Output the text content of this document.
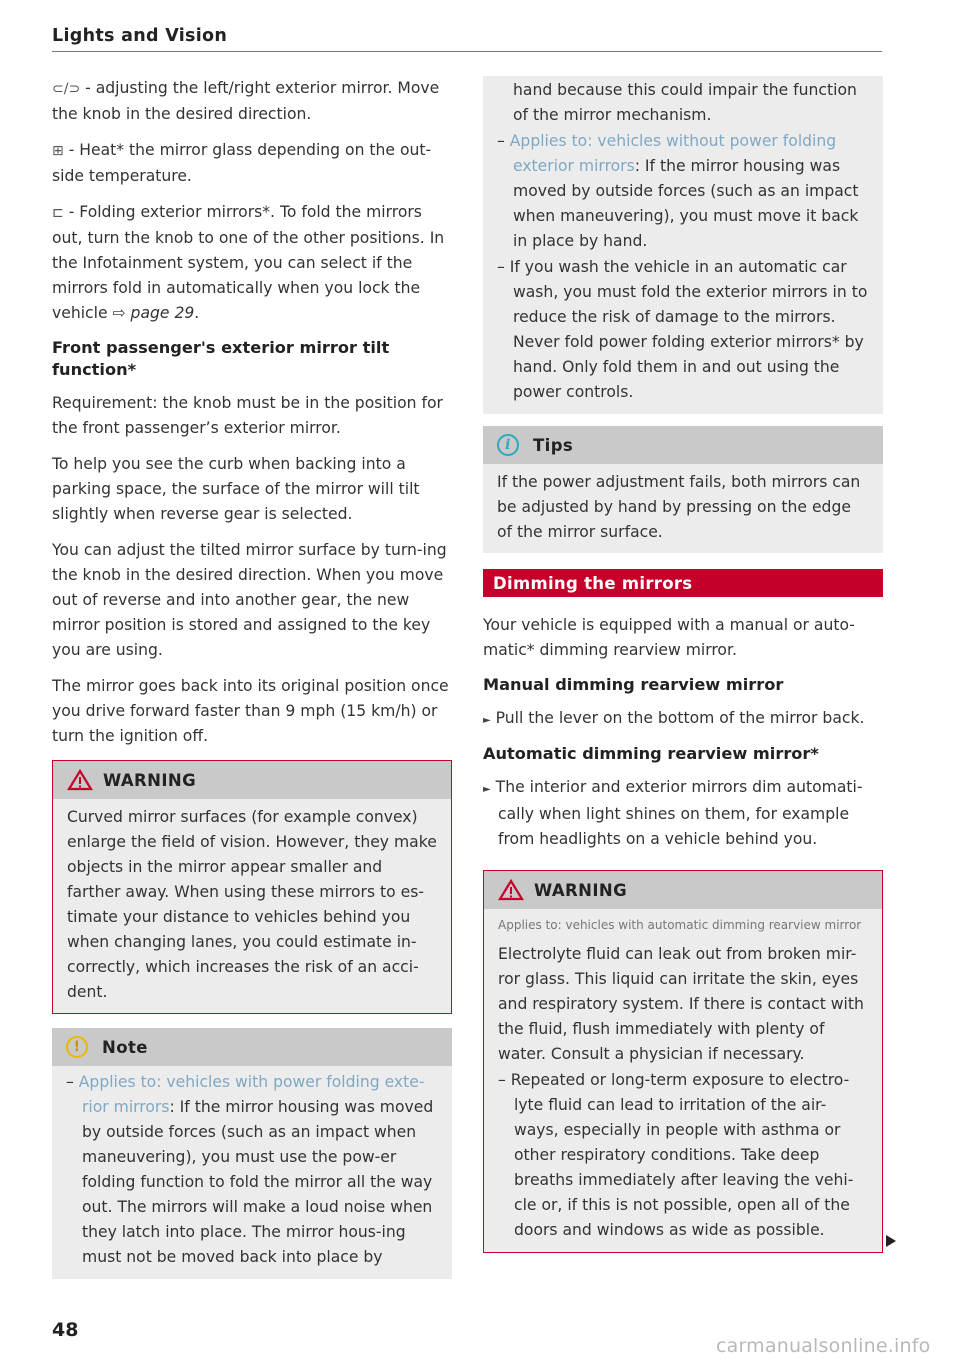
Lights and Vision
⊂/⊃ - adjusting the left/right exterior mirror. Move the knob in the desired direction.
⊞ - Heat* the mirror glass depending on the out-side temperature.
⊏ - Folding exterior mirrors*. To fold the mirrors out, turn the knob to one of the other positions. In the Infotainment system, you can select if the mirrors fold in automatically when you lock the vehicle ⇨ page 29.
Front passenger's exterior mirror tilt function*
Requirement: the knob must be in the position for the front passenger’s exterior mirror.
To help you see the curb when backing into a parking space, the surface of the mirror will tilt slightly when reverse gear is selected.
You can adjust the tilted mirror surface by turn-ing the knob in the desired direction. When you move out of reverse and into another gear, the new mirror position is stored and assigned to the key you are using.
The mirror goes back into its original position once you drive forward faster than 9 mph (15 km/h) or turn the ignition off.
WARNING
Curved mirror surfaces (for example convex) enlarge the field of vision. However, they make objects in the mirror appear smaller and farther away. When using these mirrors to es-timate your distance to vehicles behind you when changing lanes, you could estimate in-correctly, which increases the risk of an acci-dent.
!	Note
– Applies to: vehicles with power folding exte-rior mirrors: If the mirror housing was moved by outside forces (such as an impact when maneuvering), you must use the pow-er folding function to fold the mirror all the way out. The mirrors will make a loud noise when they latch into place. The mirror hous-ing must not be moved back into place by
hand because this could impair the function of the mirror mechanism.
– Applies to: vehicles without power folding exterior mirrors: If the mirror housing was moved by outside forces (such as an impact when maneuvering), you must move it back in place by hand.
– If you wash the vehicle in an automatic car wash, you must fold the exterior mirrors in to reduce the risk of damage to the mirrors. Never fold power folding exterior mirrors* by hand. Only fold them in and out using the power controls.
i	Tips
If the power adjustment fails, both mirrors can be adjusted by hand by pressing on the edge of the mirror surface.
Dimming the mirrors
Your vehicle is equipped with a manual or auto-matic* dimming rearview mirror.
Manual dimming rearview mirror
► Pull the lever on the bottom of the mirror back.
Automatic dimming rearview mirror*
► The interior and exterior mirrors dim automati-cally when light shines on them, for example from headlights on a vehicle behind you.
WARNING
Applies to: vehicles with automatic dimming rearview mirror
Electrolyte fluid can leak out from broken mir-ror glass. This liquid can irritate the skin, eyes and respiratory system. If there is contact with the fluid, flush immediately with plenty of water. Consult a physician if necessary.
– Repeated or long-term exposure to electro-lyte fluid can lead to irritation of the air-ways, especially in people with asthma or other respiratory conditions. Take deep breaths immediately after leaving the vehi-cle or, if this is not possible, open all of the doors and windows as wide as possible.
48
carmanualsonline.info
